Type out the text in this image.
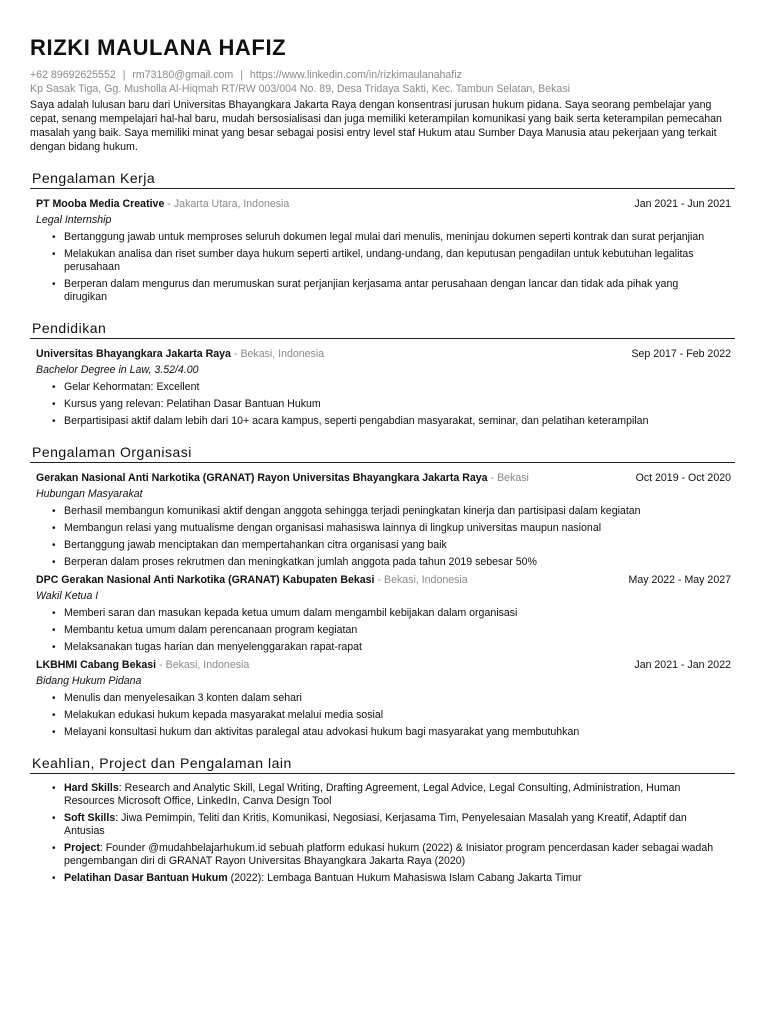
RIZKI MAULANA HAFIZ
+62 89692625552 | rm73180@gmail.com | https://www.linkedin.com/in/rizkimaulanahafiz
Kp Sasak Tiga, Gg. Musholla Al-Hiqmah RT/RW 003/004 No. 89, Desa Tridaya Sakti, Kec. Tambun Selatan, Bekasi
Saya adalah lulusan baru dari Universitas Bhayangkara Jakarta Raya dengan konsentrasi jurusan hukum pidana. Saya seorang pembelajar yang cepat, senang mempelajari hal-hal baru, mudah bersosialisasi dan juga memiliki keterampilan komunikasi yang baik serta keterampilan pemecahan masalah yang baik. Saya memiliki minat yang besar sebagai posisi entry level staf Hukum atau Sumber Daya Manusia atau pekerjaan yang terkait dengan bidang hukum.
Pengalaman Kerja
PT Mooba Media Creative - Jakarta Utara, Indonesia	Jan 2021 - Jun 2021
Legal Internship
• Bertanggung jawab untuk memproses seluruh dokumen legal mulai dari menulis, meninjau dokumen seperti kontrak dan surat perjanjian
• Melakukan analisa dan riset sumber daya hukum seperti artikel, undang-undang, dan keputusan pengadilan untuk kebutuhan legalitas perusahaan
• Berperan dalam mengurus dan merumuskan surat perjanjian kerjasama antar perusahaan dengan lancar dan tidak ada pihak yang dirugikan
Pendidikan
Universitas Bhayangkara Jakarta Raya - Bekasi, Indonesia	Sep 2017 - Feb 2022
Bachelor Degree in Law, 3.52/4.00
• Gelar Kehormatan: Excellent
• Kursus yang relevan: Pelatihan Dasar Bantuan Hukum
• Berpartisipasi aktif dalam lebih dari 10+ acara kampus, seperti pengabdian masyarakat, seminar, dan pelatihan keterampilan
Pengalaman Organisasi
Gerakan Nasional Anti Narkotika (GRANAT) Rayon Universitas Bhayangkara Jakarta Raya - Bekasi	Oct 2019 - Oct 2020
Hubungan Masyarakat
• Berhasil membangun komunikasi aktif dengan anggota sehingga terjadi peningkatan kinerja dan partisipasi dalam kegiatan
• Membangun relasi yang mutualisme dengan organisasi mahasiswa lainnya di lingkup universitas maupun nasional
• Bertanggung jawab menciptakan dan mempertahankan citra organisasi yang baik
• Berperan dalam proses rekrutmen dan meningkatkan jumlah anggota pada tahun 2019 sebesar 50%
DPC Gerakan Nasional Anti Narkotika (GRANAT) Kabupaten Bekasi - Bekasi, Indonesia	May 2022 - May 2027
Wakil Ketua I
• Memberi saran dan masukan kepada ketua umum dalam mengambil kebijakan dalam organisasi
• Membantu ketua umum dalam perencanaan program kegiatan
• Melaksanakan tugas harian dan menyelenggarakan rapat-rapat
LKBHMI Cabang Bekasi - Bekasi, Indonesia	Jan 2021 - Jan 2022
Bidang Hukum Pidana
• Menulis dan menyelesaikan 3 konten dalam sehari
• Melakukan edukasi hukum kepada masyarakat melalui media sosial
• Melayani konsultasi hukum dan aktivitas paralegal atau advokasi hukum bagi masyarakat yang membutuhkan
Keahlian, Project dan Pengalaman lain
• Hard Skills: Research and Analytic Skill, Legal Writing, Drafting Agreement, Legal Advice, Legal Consulting, Administration, Human Resources Microsoft Office, LinkedIn, Canva Design Tool
• Soft Skills: Jiwa Pemimpin, Teliti dan Kritis, Komunikasi, Negosiasi, Kerjasama Tim, Penyelesaian Masalah yang Kreatif, Adaptif dan Antusias
• Project: Founder @mudahbelajarhukum.id sebuah platform edukasi hukum (2022) & Inisiator program pencerdasan kader sebagai wadah pengembangan diri di GRANAT Rayon Universitas Bhayangkara Jakarta Raya (2020)
• Pelatihan Dasar Bantuan Hukum (2022): Lembaga Bantuan Hukum Mahasiswa Islam Cabang Jakarta Timur
